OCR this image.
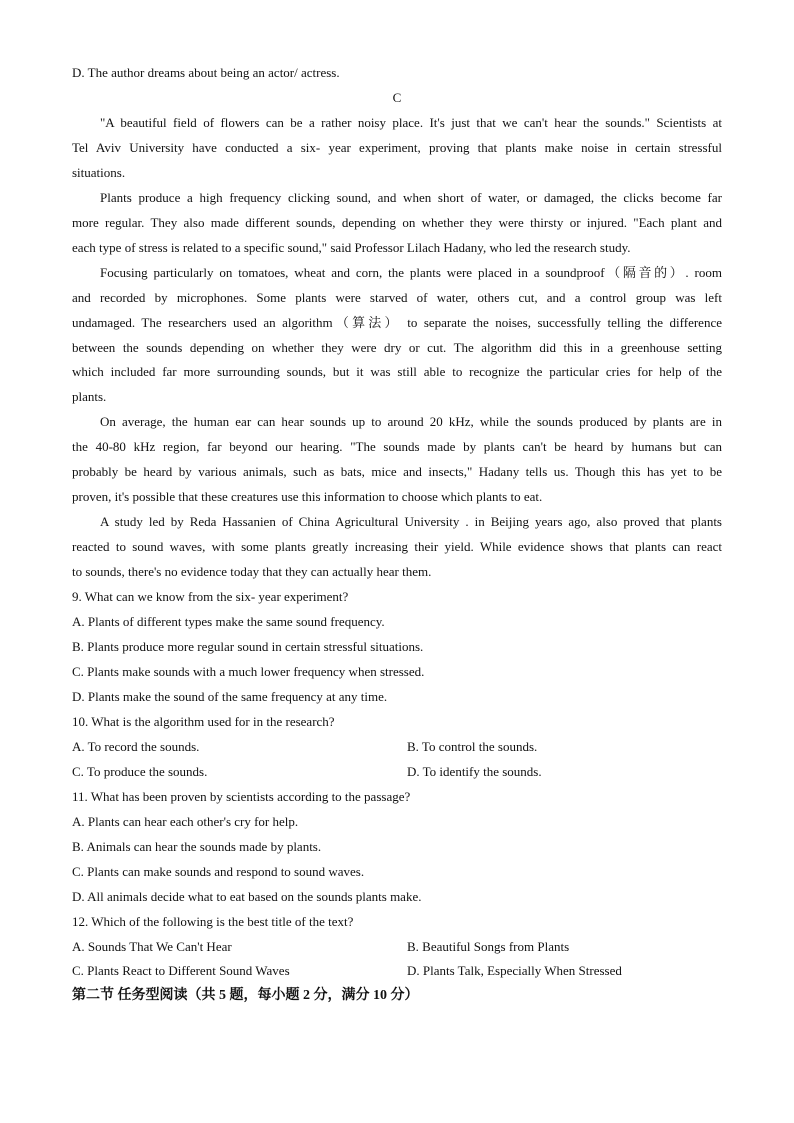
D. The author dreams about being an actor/ actress.
C
"A beautiful field of flowers can be a rather noisy place. It's just that we can't hear the sounds." Scientists at
Tel Aviv University have conducted a six- year experiment, proving that plants make noise in certain stressful
situations.
Plants produce a high frequency clicking sound, and when short of water, or damaged, the clicks become far
more regular. They also made different sounds, depending on whether they were thirsty or injured. "Each plant and
each type of stress is related to a specific sound," said Professor Lilach Hadany, who led the research study.
Focusing particularly on tomatoes, wheat and corn, the plants were placed in a soundproof（隔音的）. room
and recorded by microphones. Some plants were starved of water, others cut, and a control group was left
undamaged. The researchers used an algorithm（算法） to separate the noises, successfully telling the difference
between the sounds depending on whether they were dry or cut. The algorithm did this in a greenhouse setting
which included far more surrounding sounds, but it was still able to recognize the particular cries for help of the
plants.
On average, the human ear can hear sounds up to around 20 kHz, while the sounds produced by plants are in
the 40-80 kHz region, far beyond our hearing. "The sounds made by plants can't be heard by humans but can
probably be heard by various animals, such as bats, mice and insects," Hadany tells us. Though this has yet to be
proven, it's possible that these creatures use this information to choose which plants to eat.
A study led by Reda Hassanien of China Agricultural University . in Beijing years ago, also proved that plants
reacted to sound waves, with some plants greatly increasing their yield. While evidence shows that plants can react
to sounds, there's no evidence today that they can actually hear them.
9. What can we know from the six- year experiment?
A. Plants of different types make the same sound frequency.
B. Plants produce more regular sound in certain stressful situations.
C. Plants make sounds with a much lower frequency when stressed.
D. Plants make the sound of the same frequency at any time.
10. What is the algorithm used for in the research?
A. To record the sounds.	B. To control the sounds.
C. To produce the sounds.	D. To identify the sounds.
11. What has been proven by scientists according to the passage?
A. Plants can hear each other's cry for help.
B. Animals can hear the sounds made by plants.
C. Plants can make sounds and respond to sound waves.
D. All animals decide what to eat based on the sounds plants make.
12. Which of the following is the best title of the text?
A. Sounds That We Can't Hear	B. Beautiful Songs from Plants
C. Plants React to Different Sound Waves	D. Plants Talk, Especially When Stressed
第二节 任务型阅读（共 5 题，每小题 2 分，满分 10 分）
